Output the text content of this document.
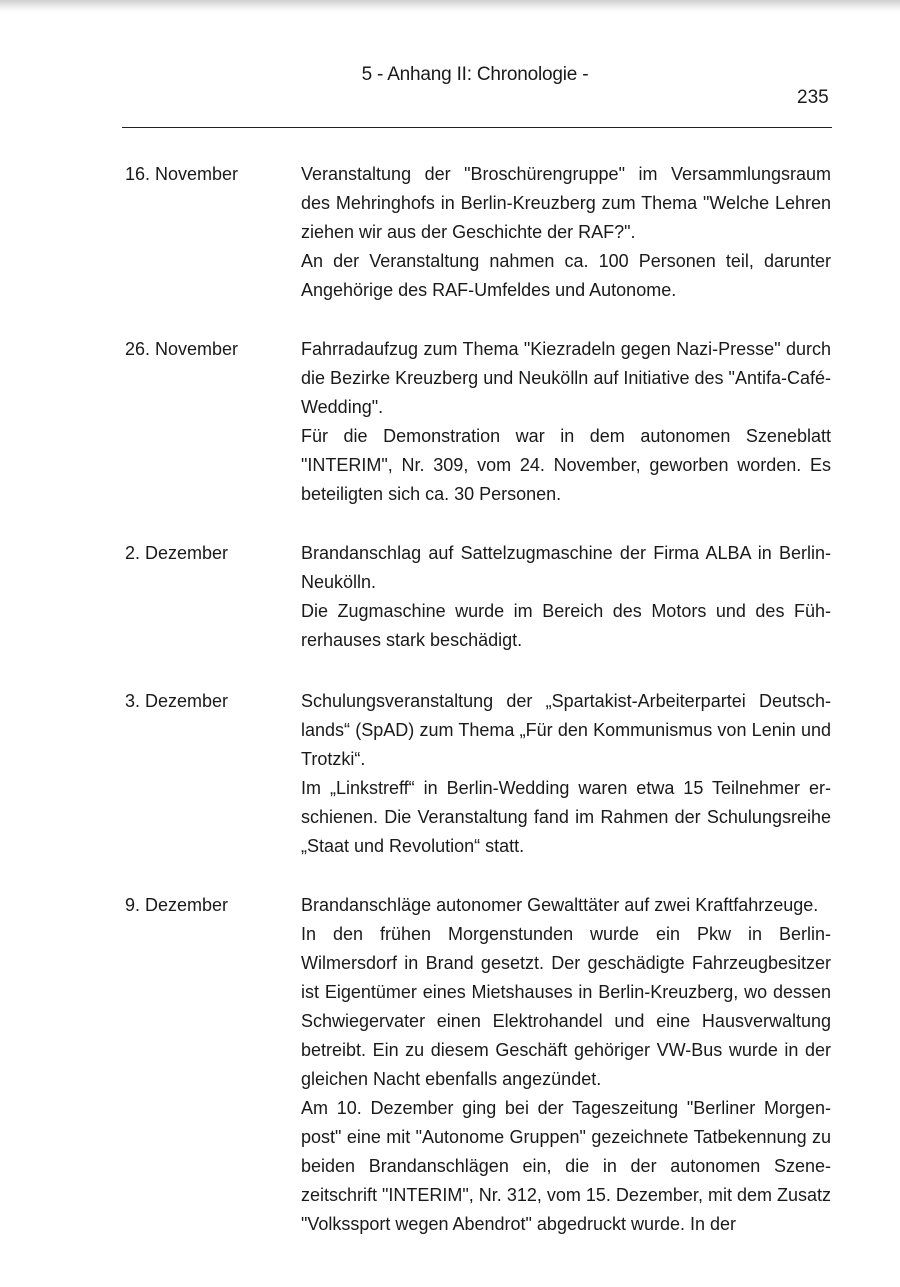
5 - Anhang II: Chronologie -
235
16. November	Veranstaltung der "Broschürengruppe" im Versammlungsraum des Mehringhofs in Berlin-Kreuzberg zum Thema "Welche Lehren ziehen wir aus der Geschichte der RAF?".

An der Veranstaltung nahmen ca. 100 Personen teil, darunter Angehörige des RAF-Umfeldes und Autonome.

26. November	Fahrradaufzug zum Thema "Kiezradeln gegen Nazi-Presse" durch die Bezirke Kreuzberg und Neukölln auf Initiative des "Antifa-Café-Wedding".

Für die Demonstration war in dem autonomen Szeneblatt "INTERIM", Nr. 309, vom 24. November, geworben worden. Es beteiligten sich ca. 30 Personen.

2. Dezember	Brandanschlag auf Sattelzugmaschine der Firma ALBA in Berlin-Neukölln.

Die Zugmaschine wurde im Bereich des Motors und des Führerhauses stark beschädigt.

3. Dezember	Schulungsveranstaltung der „Spartakist-Arbeiterpartei Deutschlands“ (SpAD) zum Thema „Für den Kommunismus von Lenin und Trotzki“.

Im „Linkstreff“ in Berlin-Wedding waren etwa 15 Teilnehmer erschienen. Die Veranstaltung fand im Rahmen der Schulungsreihe „Staat und Revolution“ statt.

9. Dezember	Brandanschläge autonomer Gewalttäter auf zwei Kraftfahrzeuge.

In den frühen Morgenstunden wurde ein Pkw in Berlin-Wilmersdorf in Brand gesetzt. Der geschädigte Fahrzeugbesitzer ist Eigentümer eines Mietshauses in Berlin-Kreuzberg, wo dessen Schwiegervater einen Elektrohandel und eine Hausverwaltung betreibt. Ein zu diesem Geschäft gehöriger VW-Bus wurde in der gleichen Nacht ebenfalls angezündet.

Am 10. Dezember ging bei der Tageszeitung "Berliner Morgenpost" eine mit "Autonome Gruppen" gezeichnete Tatbekennung zu beiden Brandanschlägen ein, die in der autonomen Szenezeitschrift "INTERIM", Nr. 312, vom 15. Dezember, mit dem Zusatz "Volkssport wegen Abendrot" abgedruckt wurde. In der
